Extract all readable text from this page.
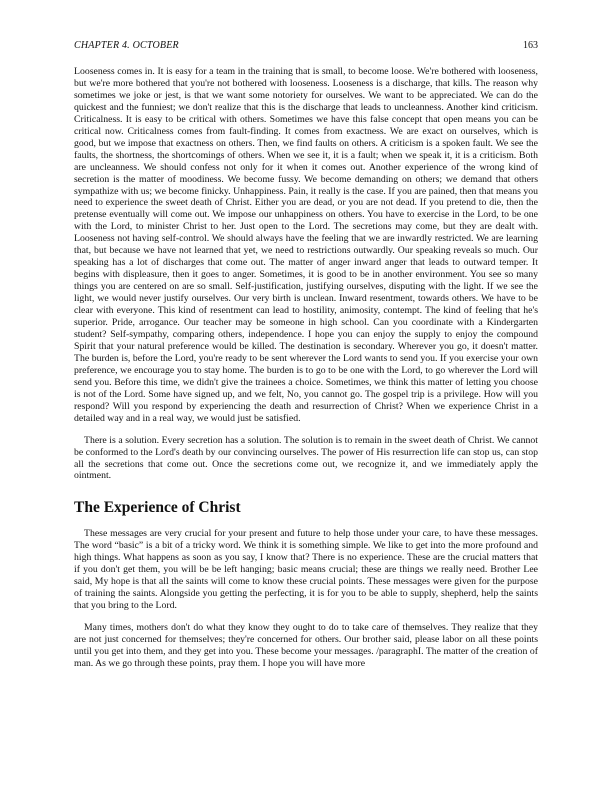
CHAPTER 4. OCTOBER	163

Looseness comes in. It is easy for a team in the training that is small, to become loose. We're bothered with looseness, but we're more bothered that you're not bothered with looseness. Looseness is a discharge, that kills. The reason why sometimes we joke or jest, is that we want some notoriety for ourselves. We want to be appreciated. We can do the quickest and the funniest; we don't realize that this is the discharge that leads to uncleanness. Another kind criticism. Criticalness. It is easy to be critical with others. Sometimes we have this false concept that open means you can be critical now. Criticalness comes from fault-finding. It comes from exactness. We are exact on ourselves, which is good, but we impose that exactness on others. Then, we find faults on others. A criticism is a spoken fault. We see the faults, the shortness, the shortcomings of others. When we see it, it is a fault; when we speak it, it is a criticism. Both are uncleanness. We should confess not only for it when it comes out. Another experience of the wrong kind of secretion is the matter of moodiness. We become fussy. We become demanding on others; we demand that others sympathize with us; we become finicky. Unhappiness. Pain, it really is the case. If you are pained, then that means you need to experience the sweet death of Christ. Either you are dead, or you are not dead. If you pretend to die, then the pretense eventually will come out. We impose our unhappiness on others. You have to exercise in the Lord, to be one with the Lord, to minister Christ to her. Just open to the Lord. The secretions may come, but they are dealt with. Looseness not having self-control. We should always have the feeling that we are inwardly restricted. We are learning that, but because we have not learned that yet, we need to restrictions outwardly. Our speaking reveals so much. Our speaking has a lot of discharges that come out. The matter of anger inward anger that leads to outward temper. It begins with displeasure, then it goes to anger. Sometimes, it is good to be in another environment. You see so many things you are centered on are so small. Self-justification, justifying ourselves, disputing with the light. If we see the light, we would never justify ourselves. Our very birth is unclean. Inward resentment, towards others. We have to be clear with everyone. This kind of resentment can lead to hostility, animosity, contempt. The kind of feeling that he's superior. Pride, arrogance. Our teacher may be someone in high school. Can you coordinate with a Kindergarten student? Self-sympathy, comparing others, independence. I hope you can enjoy the supply to enjoy the compound Spirit that your natural preference would be killed. The destination is secondary. Wherever you go, it doesn't matter. The burden is, before the Lord, you're ready to be sent wherever the Lord wants to send you. If you exercise your own preference, we encourage you to stay home. The burden is to go to be one with the Lord, to go wherever the Lord will send you. Before this time, we didn't give the trainees a choice. Sometimes, we think this matter of letting you choose is not of the Lord. Some have signed up, and we felt, No, you cannot go. The gospel trip is a privilege. How will you respond? Will you respond by experiencing the death and resurrection of Christ? When we experience Christ in a detailed way and in a real way, we would just be satisfied.

There is a solution. Every secretion has a solution. The solution is to remain in the sweet death of Christ. We cannot be conformed to the Lord's death by our convincing ourselves. The power of His resurrection life can stop us, can stop all the secretions that come out. Once the secretions come out, we recognize it, and we immediately apply the ointment.

The Experience of Christ

These messages are very crucial for your present and future to help those under your care, to have these messages. The word “basic” is a bit of a tricky word. We think it is something simple. We like to get into the more profound and high things. What happens as soon as you say, I know that? There is no experience. These are the crucial matters that if you don't get them, you will be be left hanging; basic means crucial; these are things we really need. Brother Lee said, My hope is that all the saints will come to know these crucial points. These messages were given for the purpose of training the saints. Alongside you getting the perfecting, it is for you to be able to supply, shepherd, help the saints that you bring to the Lord.

Many times, mothers don't do what they know they ought to do to take care of themselves. They realize that they are not just concerned for themselves; they're concerned for others. Our brother said, please labor on all these points until you get into them, and they get into you. These become your messages. /paragraphI. The matter of the creation of man. As we go through these points, pray them. I hope you will have more
